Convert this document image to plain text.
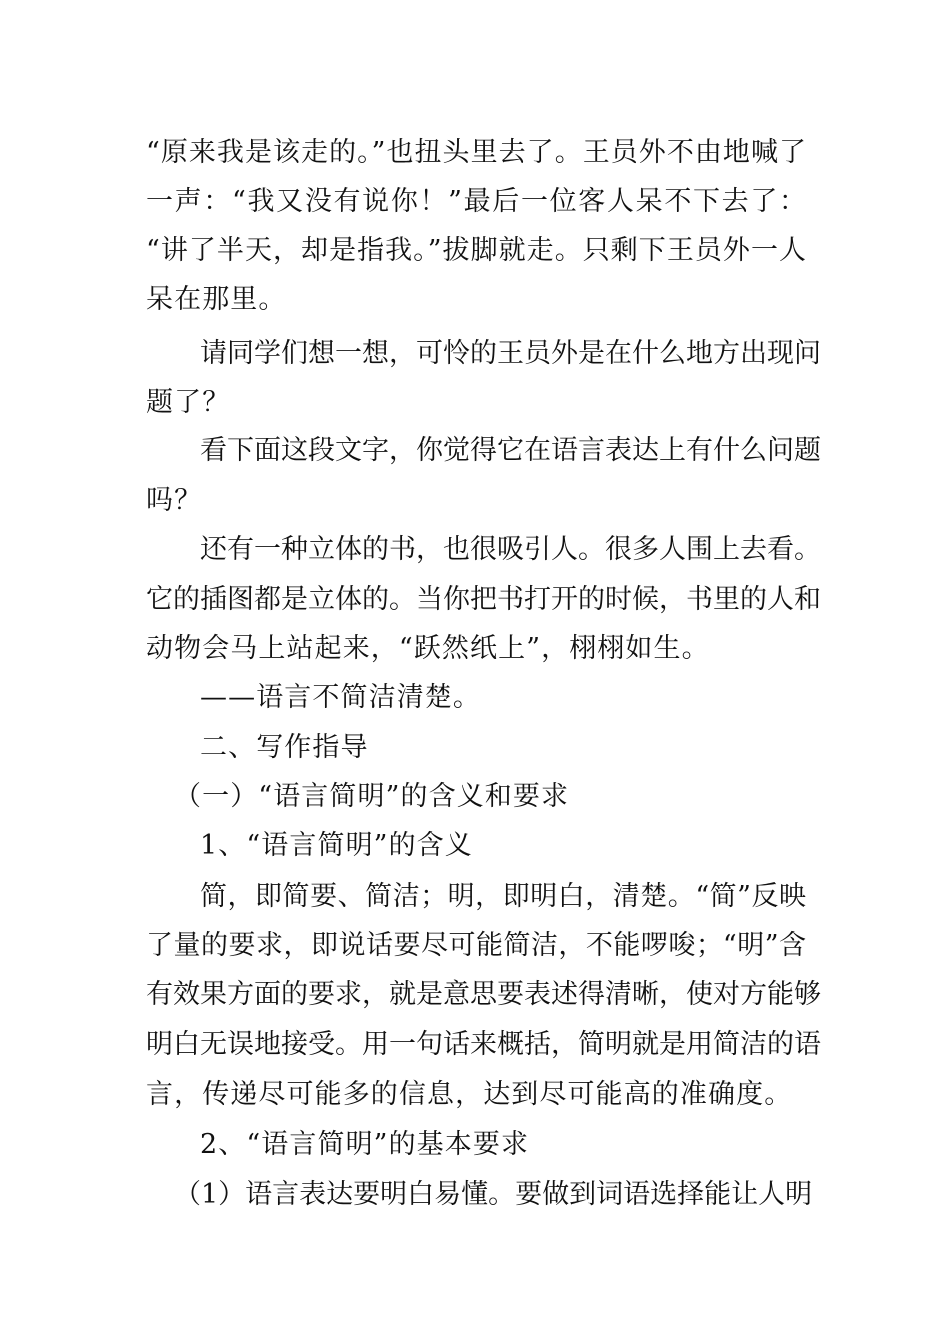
“原来我是该走的。”也扭头里去了。王员外不由地喊了
一声：“我又没有说你！”最后一位客人呆不下去了：
“讲了半天，却是指我。”拔脚就走。只剩下王员外一人
呆在那里。
请同学们想一想，可怜的王员外是在什么地方出现问
题了？
看下面这段文字，你觉得它在语言表达上有什么问题
吗？
还有一种立体的书，也很吸引人。很多人围上去看。
它的插图都是立体的。当你把书打开的时候，书里的人和
动物会马上站起来，“跃然纸上”，栩栩如生。
——语言不简洁清楚。
二、写作指导
（一）“语言简明”的含义和要求
1、“语言简明”的含义
简，即简要、简洁；明，即明白，清楚。“简”反映
了量的要求，即说话要尽可能简洁，不能啰唆；“明”含
有效果方面的要求，就是意思要表述得清晰，使对方能够
明白无误地接受。用一句话来概括，简明就是用简洁的语
言，传递尽可能多的信息，达到尽可能高的准确度。
2、“语言简明”的基本要求
（1）语言表达要明白易懂。要做到词语选择能让人明
